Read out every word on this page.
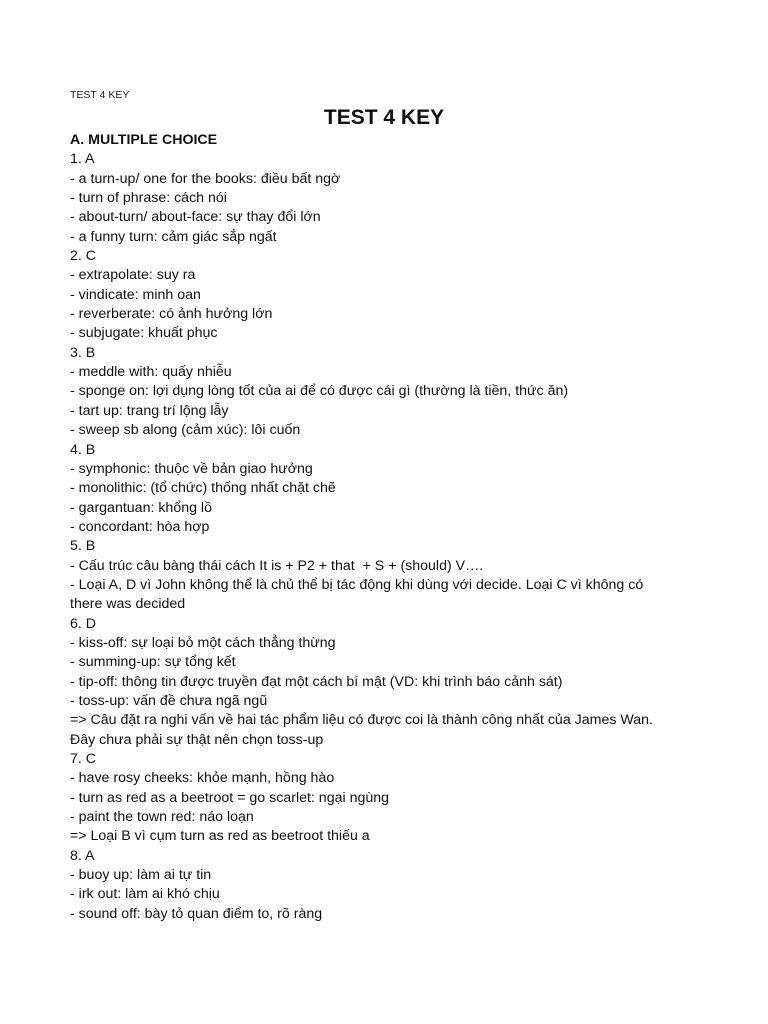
TEST 4 KEY
TEST 4 KEY

A. MULTIPLE CHOICE

1. A

- a turn-up/ one for the books: điều bất ngờ

- turn of phrase: cách nói

- about-turn/ about-face: sự thay đổi lớn

- a funny turn: cảm giác sắp ngất

2. C

- extrapolate: suy ra

- vindicate: minh oan

- reverberate: có ảnh hưởng lớn

- subjugate: khuất phục

3. B

- meddle with: quấy nhiễu

- sponge on: lợi dụng lòng tốt của ai để có được cái gì (thường là tiền, thức ăn)

- tart up: trang trí lộng lẫy

- sweep sb along (cảm xúc): lôi cuốn

4. B

- symphonic: thuộc về bản giao hưởng

- monolithic: (tổ chức) thống nhất chặt chẽ

- gargantuan: khổng lồ

- concordant: hòa hợp

5. B

- Cấu trúc câu bàng thái cách It is + P2 + that  + S + (should) V….

- Loại A, D vì John không thể là chủ thể bị tác động khi dùng với decide. Loại C vì không có

there was decided

6. D

- kiss-off: sự loại bỏ một cách thẳng thừng

- summing-up: sự tổng kết

- tip-off: thông tin được truyền đạt một cách bí mật (VD: khi trình báo cảnh sát)

- toss-up: vấn đề chưa ngã ngũ

=> Câu đặt ra nghi vấn về hai tác phẩm liệu có được coi là thành công nhất của James Wan.

Đây chưa phải sự thật nên chọn toss-up

7. C

- have rosy cheeks: khỏe mạnh, hồng hào

- turn as red as a beetroot = go scarlet: ngại ngùng

- paint the town red: náo loạn

=> Loại B vì cụm turn as red as beetroot thiếu a

8. A

- buoy up: làm ai tự tin

- irk out: làm ai khó chịu

- sound off: bày tỏ quan điểm to, rõ ràng
